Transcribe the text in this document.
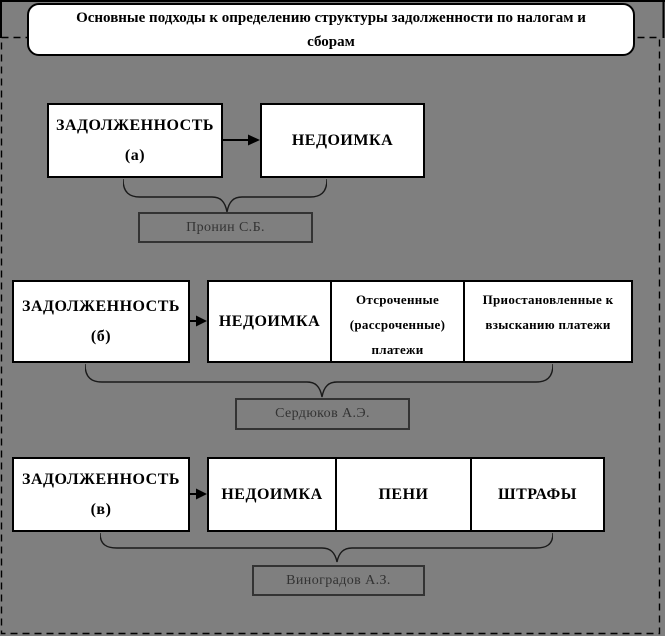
Основные подходы к определению структуры задолженности по налогам и
сборам
ЗАДОЛЖЕННОСТЬ
(а)
НЕДОИМКА
Пронин С.Б.
ЗАДОЛЖЕННОСТЬ
(б)
НЕДОИМКА
Отсроченные (рассроченные) платежи
Приостановленные к взысканию платежи
Сердюков А.Э.
ЗАДОЛЖЕННОСТЬ
(в)
НЕДОИМКА	ПЕНИ	ШТРАФЫ
Виноградов А.З.
